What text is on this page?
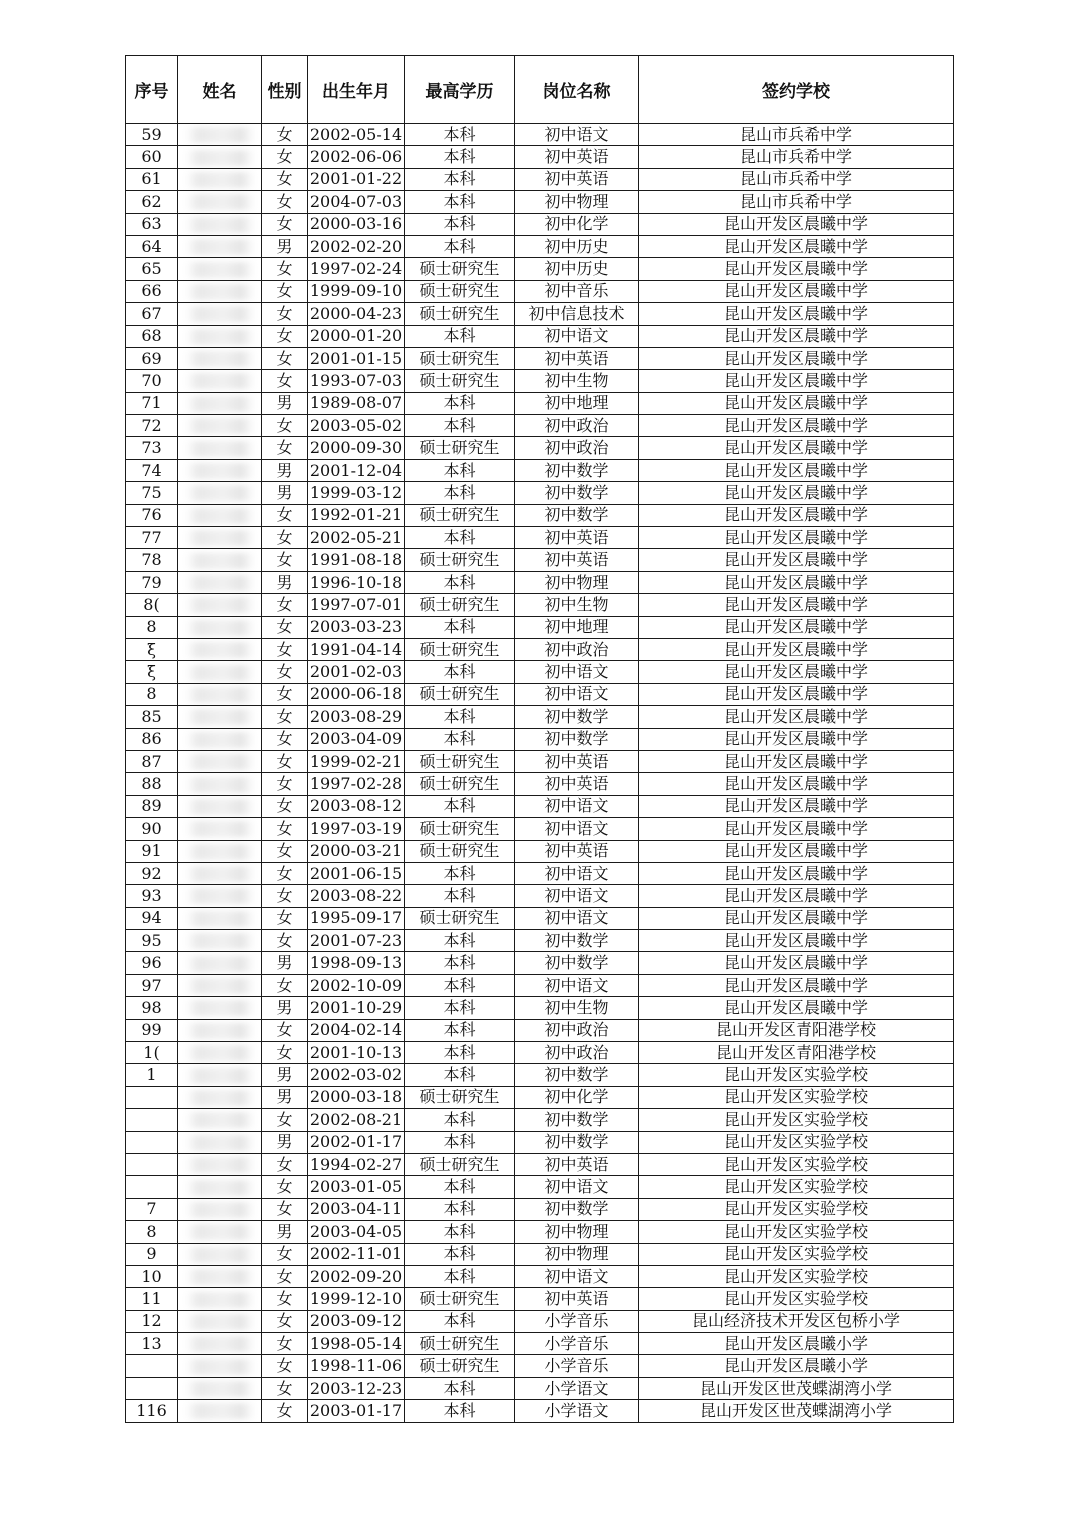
序号	姓名	性别	出生年月	最高学历	岗位名称	签约学校
59		女	2002-05-14	本科	初中语文	昆山市兵希中学
60		女	2002-06-06	本科	初中英语	昆山市兵希中学
61		女	2001-01-22	本科	初中英语	昆山市兵希中学
62		女	2004-07-03	本科	初中物理	昆山市兵希中学
63		女	2000-03-16	本科	初中化学	昆山开发区晨曦中学
64		男	2002-02-20	本科	初中历史	昆山开发区晨曦中学
65		女	1997-02-24	硕士研究生	初中历史	昆山开发区晨曦中学
66		女	1999-09-10	硕士研究生	初中音乐	昆山开发区晨曦中学
67		女	2000-04-23	硕士研究生	初中信息技术	昆山开发区晨曦中学
68		女	2000-01-20	本科	初中语文	昆山开发区晨曦中学
69		女	2001-01-15	硕士研究生	初中英语	昆山开发区晨曦中学
70		女	1993-07-03	硕士研究生	初中生物	昆山开发区晨曦中学
71		男	1989-08-07	本科	初中地理	昆山开发区晨曦中学
72		女	2003-05-02	本科	初中政治	昆山开发区晨曦中学
73		女	2000-09-30	硕士研究生	初中政治	昆山开发区晨曦中学
74		男	2001-12-04	本科	初中数学	昆山开发区晨曦中学
75		男	1999-03-12	本科	初中数学	昆山开发区晨曦中学
76		女	1992-01-21	硕士研究生	初中数学	昆山开发区晨曦中学
77		女	2002-05-21	本科	初中英语	昆山开发区晨曦中学
78		女	1991-08-18	硕士研究生	初中英语	昆山开发区晨曦中学
79		男	1996-10-18	本科	初中物理	昆山开发区晨曦中学
8(		女	1997-07-01	硕士研究生	初中生物	昆山开发区晨曦中学
8		女	2003-03-23	本科	初中地理	昆山开发区晨曦中学
ξ		女	1991-04-14	硕士研究生	初中政治	昆山开发区晨曦中学
ξ		女	2001-02-03	本科	初中语文	昆山开发区晨曦中学
8		女	2000-06-18	硕士研究生	初中语文	昆山开发区晨曦中学
85		女	2003-08-29	本科	初中数学	昆山开发区晨曦中学
86		女	2003-04-09	本科	初中数学	昆山开发区晨曦中学
87		女	1999-02-21	硕士研究生	初中英语	昆山开发区晨曦中学
88		女	1997-02-28	硕士研究生	初中英语	昆山开发区晨曦中学
89		女	2003-08-12	本科	初中语文	昆山开发区晨曦中学
90		女	1997-03-19	硕士研究生	初中语文	昆山开发区晨曦中学
91		女	2000-03-21	硕士研究生	初中英语	昆山开发区晨曦中学
92		女	2001-06-15	本科	初中语文	昆山开发区晨曦中学
93		女	2003-08-22	本科	初中语文	昆山开发区晨曦中学
94		女	1995-09-17	硕士研究生	初中语文	昆山开发区晨曦中学
95		女	2001-07-23	本科	初中数学	昆山开发区晨曦中学
96		男	1998-09-13	本科	初中数学	昆山开发区晨曦中学
97		女	2002-10-09	本科	初中语文	昆山开发区晨曦中学
98		男	2001-10-29	本科	初中生物	昆山开发区晨曦中学
99		女	2004-02-14	本科	初中政治	昆山开发区青阳港学校
1(		女	2001-10-13	本科	初中政治	昆山开发区青阳港学校
1		男	2002-03-02	本科	初中数学	昆山开发区实验学校
		男	2000-03-18	硕士研究生	初中化学	昆山开发区实验学校
		女	2002-08-21	本科	初中数学	昆山开发区实验学校
		男	2002-01-17	本科	初中数学	昆山开发区实验学校
		女	1994-02-27	硕士研究生	初中英语	昆山开发区实验学校
		女	2003-01-05	本科	初中语文	昆山开发区实验学校
7		女	2003-04-11	本科	初中数学	昆山开发区实验学校
8		男	2003-04-05	本科	初中物理	昆山开发区实验学校
9		女	2002-11-01	本科	初中物理	昆山开发区实验学校
10		女	2002-09-20	本科	初中语文	昆山开发区实验学校
11		女	1999-12-10	硕士研究生	初中英语	昆山开发区实验学校
12		女	2003-09-12	本科	小学音乐	昆山经济技术开发区包桥小学
13		女	1998-05-14	硕士研究生	小学音乐	昆山开发区晨曦小学
		女	1998-11-06	硕士研究生	小学音乐	昆山开发区晨曦小学
		女	2003-12-23	本科	小学语文	昆山开发区世茂蝶湖湾小学
116		女	2003-01-17	本科	小学语文	昆山开发区世茂蝶湖湾小学
